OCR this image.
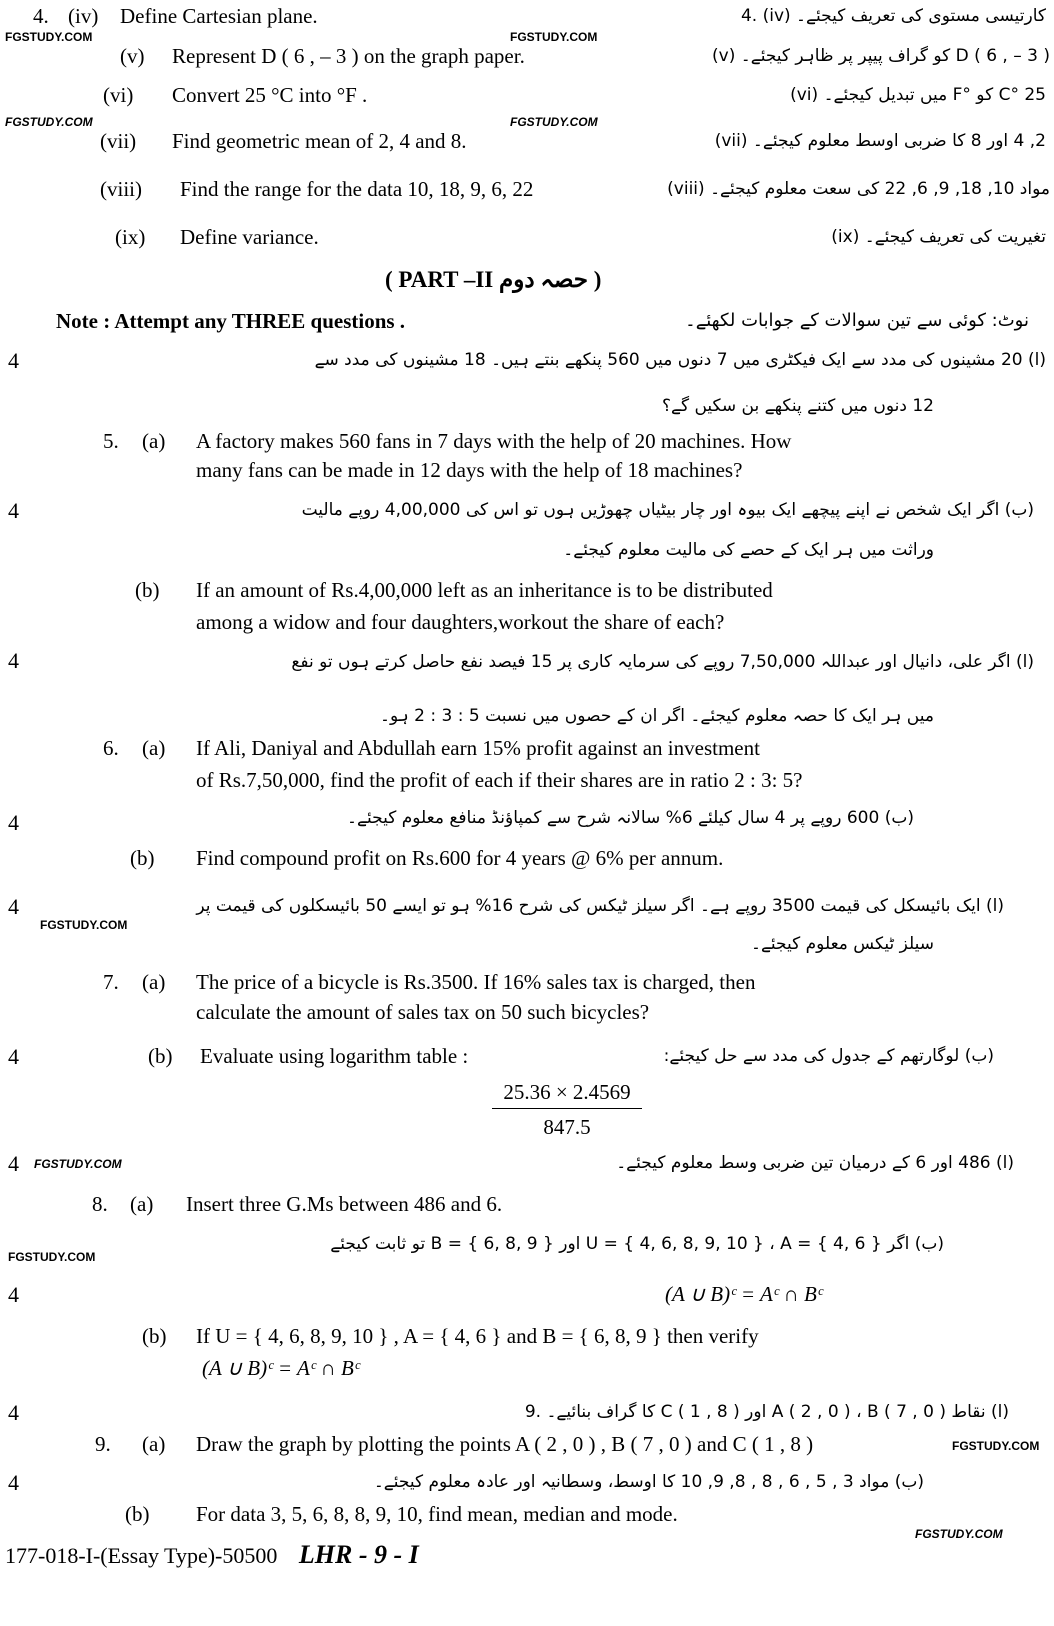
4. (iv) Define Cartesian plane.	کارتیسی مستوی کی تعریف کیجئے۔ (iv) .4
FGSTUDY.COM	FGSTUDY.COM
(v) Represent D ( 6 , – 3 ) on the graph paper.	D ( 6 , – 3 ) کو گراف پیپر پر ظاہر کیجئے۔ (v)
(vi) Convert 25 °C into °F .	25 °C کو °F میں تبدیل کیجئے۔ (vi)
FGSTUDY.COM	FGSTUDY.COM
(vii) Find geometric mean of 2, 4 and 8.	2, 4 اور 8 کا ضربی اوسط معلوم کیجئے۔ (vii)
(viii) Find the range for the data 10, 18, 9, 6, 22	مواد 10, 18, 9, 6, 22 کی سعت معلوم کیجئے۔ (viii)
(ix) Define variance.	تغیریت کی تعریف کیجئے۔ (ix)
( PART –II حصہ دوم )
Note : Attempt any THREE questions .	نوٹ: کوئی سے تین سوالات کے جوابات لکھئے۔
4	(ا) 20 مشینوں کی مدد سے ایک فیکٹری میں 7 دنوں میں 560 پنکھے بنتے ہیں۔ 18 مشینوں کی مدد سے
12 دنوں میں کتنے پنکھے بن سکیں گے؟
5. (a) A factory makes 560 fans in 7 days with the help of 20 machines. How
many fans can be made in 12 days with the help of 18 machines?
4	(ب) اگر ایک شخص نے اپنے پیچھے ایک بیوہ اور چار بیٹیاں چھوڑیں ہوں تو اس کی 4,00,000 روپے مالیت
وراثت میں ہر ایک کے حصے کی مالیت معلوم کیجئے۔
(b) If an amount of Rs.4,00,000 left as an inheritance is to be distributed
among a widow and four daughters,workout the share of each?
4	(ا) اگر علی، دانیال اور عبداللہ 7,50,000 روپے کی سرمایہ کاری پر 15 فیصد نفع حاصل کرتے ہوں تو نفع
میں ہر ایک کا حصہ معلوم کیجئے۔ اگر ان کے حصوں میں نسبت 5 : 3 : 2 ہو۔
6. (a) If Ali, Daniyal and Abdullah earn 15% profit against an investment
of Rs.7,50,000, find the profit of each if their shares are in ratio 2 : 3: 5?
4	(ب) 600 روپے پر 4 سال کیلئے 6% سالانہ شرح سے کمپاؤنڈ منافع معلوم کیجئے۔
(b) Find compound profit on Rs.600 for 4 years @ 6% per annum.
4
FGSTUDY.COM
(ا) ایک بائیسکل کی قیمت 3500 روپے ہے۔ اگر سیلز ٹیکس کی شرح 16% ہو تو ایسے 50 بائیسکلوں کی قیمت پر
سیلز ٹیکس معلوم کیجئے۔
7. (a) The price of a bicycle is Rs.3500. If 16% sales tax is charged, then
calculate the amount of sales tax on 50 such bicycles?
4	(b) Evaluate using logarithm table :	(ب) لوگارتھم کے جدول کی مدد سے حل کیجئے:
$\frac{25.36 \times 2.4569}{847.5}$
4 FGSTUDY.COM	(ا) 486 اور 6 کے درمیان تین ضربی وسط معلوم کیجئے۔
8. (a) Insert three G.Ms between 486 and 6.
FGSTUDY.COM
(ب) اگر U = { 4, 6, 8, 9, 10 } ، A = { 4, 6 } اور B = { 6, 8, 9 } تو ثابت کیجئے
4	(A ∪ B)ᶜ = Aᶜ ∩ Bᶜ
(b) If U = { 4, 6, 8, 9, 10 } , A = { 4, 6 } and B = { 6, 8, 9 } then verify
(A ∪ B)ᶜ = Aᶜ ∩ Bᶜ
4	(ا) نقاط A ( 2 , 0 ) ، B ( 7 , 0 ) اور C ( 1 , 8 ) کا گراف بنائیے۔ .9
9. (a) Draw the graph by plotting the points A ( 2 , 0 ) , B ( 7 , 0 ) and C ( 1 , 8 )	FGSTUDY.COM
4	(ب) مواد 3 , 5 , 6 , 8 , 8, 9, 10 کا اوسط، وسطانیہ اور عادہ معلوم کیجئے۔
(b) For data 3, 5, 6, 8, 8, 9, 10, find mean, median and mode.
FGSTUDY.COM
177-018-I-(Essay Type)-50500 LHR - 9 - I
